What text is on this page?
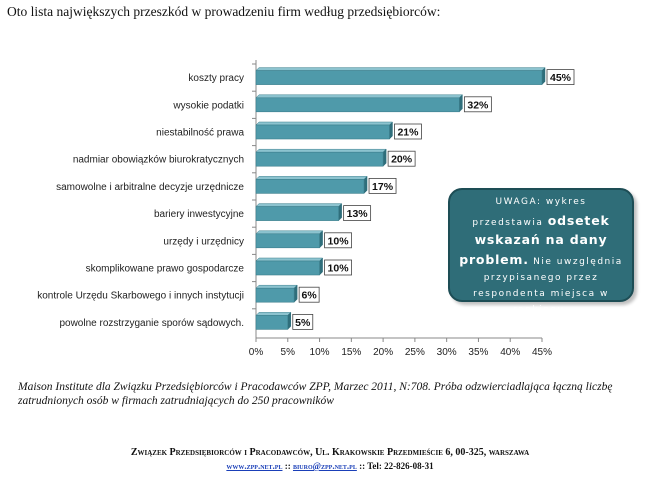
Oto lista największych przeszkód w prowadzeniu firm według przedsiębiorców:
0% 5% 10% 15% 20% 25% 30% 35% 40% 45%
koszty pracy	45%
wysokie podatki	32%
niestabilność prawa	21%
nadmiar obowiązków biurokratycznych	20%
samowolne i arbitralne decyzje urzędnicze	17%
bariery inwestycyjne	13%
urzędy i urzędnicy	10%
skomplikowane prawo gospodarcze	10%
kontrole Urzędu Skarbowego i innych instytucji	6%
powolne rozstrzyganie sporów sądowych.	5%
UWAGA: wykres
przedstawia odsetek
wskazań na dany
problem. Nie uwzględnia
przypisanego przez
respondenta miejsca w
rankingu.
Maison Institute dla Związku Przedsiębiorców i Pracodawców ZPP, Marzec 2011, N:708. Próba odzwierciadlająca łączną liczbę zatrudnionych osób w firmach zatrudniających do 250 pracowników
Związek Przedsiębiorców i Pracodawców, Ul. Krakowskie Przedmieście 6, 00-325, warszawa
www.zpp.net.pl :: biuro@zpp.net.pl :: Tel: 22-826-08-31
